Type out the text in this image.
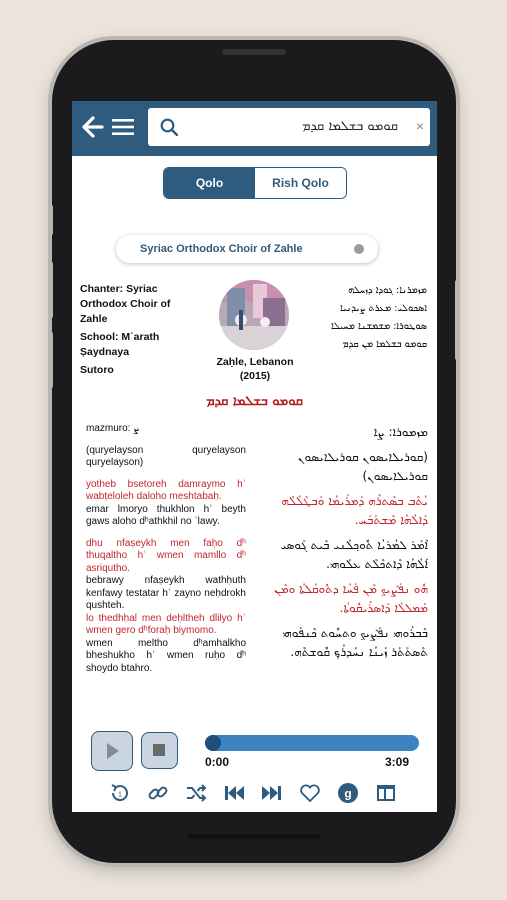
ܩܘܡܘ ܒܫܠܡܐ ܩܕܡ ×
Qolo	Rish Qolo
Syriac Orthodox Choir of Zahle

Chanter: Syriac Orthodox Choir of Zahle

School: Mʿarath Ṣaydnaya

Sutoro

Zaḥle, Lebanon
(2015)
ܡܙܡܪܢܐ: ܓܘܕܐ ܕܙܚܠܗ
ܐܣܟܘܠܝ: ܡܥܪܬ ܨܝܕܢܝܐ
ܣܘܛܘܪܐ: ܡܫܡܫܢܐ ܡܚܝܠܐ
ܩܘܡܘ ܒܫܠܡܐ ܡܢ ܩܕܡ
ܩܘܡܘ ܒܫܠܡܐ ܩܕܡ

mazmuro: ܨ

(quryelayson quryelayson quryelayson)

yotheb bsetoreh damraymo hʾ wabṭeloleh daloho meshtabaḥ.

emar lmoryo thukhlon hʾ beyth gaws aloho dʰathkhil no ʿlawy.

dhu nfaṣeykh men faḥo dʰ thuqaltho hʾ wmen mamllo dʰ asriqutho.

bebrawy nfaṣeykh wathḥuth kenfawy testatar hʾ zayno neḥdrokh qushteh.

lo thedhḥal men deḥltheh dlilyo hʾ wmen gero dʰforaḥ biymomo.

wmen meltho dʰamhalkho bheshukho hʾ wmen ruḥo dʰ shoydo btahro.

ܡܙܡܘܪܐ: ܨܐ

(ܩܘܪܝܠܐܝܣܘܢ ܩܘܪܝܠܐܝܣܘܢ ܩܘܪܝܠܐܝܣܘܢ)

ܝܳܬܶܒ ܒܣܶܬܪܶܗ ܕܰܡܪܰܝܡܳܐ ܘܰܒܛܶܠܳܠܶܗ ܕܰܐܠܳܗܳܐ ܡܶܫܬܰܒܰܚ.

ܐܶܡܰܪ ܠܡܳܪܝܳܐ ܬܽܘܟ݂ܠܳܢܝ ܒܶܝܬ ܓܰܘܣܝ ܐܰܠܳܗܳܐ ܕܶܐܬܟܶܠܶܬ ܥܠܰܘܗܝ.

ܗܽܘ ܢܦܰܨܶܝܟ݂ ܡܶܢ ܦܰܚܳܐ ܕܬܽܘܩܳܠܬܳܐ ܘܡܶܢ ܡܰܡܠܠܳܐ ܕܰܐܣܪܺܝܩܽܘܬܳܐ.

ܒܶܒܪܰܘܗܝ ܢܦܰܨܶܝܟ݂ ܘܬܚܽܘܬ ܟܶܢܦܰܘܗܝ ܬܶܣܬܰܬܰܪ ܙܰܝܢܳܐ ܢܚܰܕܪܳܟ݂ ܩܽܘܫܬܶܗ.

0:00	3:09
1	g
